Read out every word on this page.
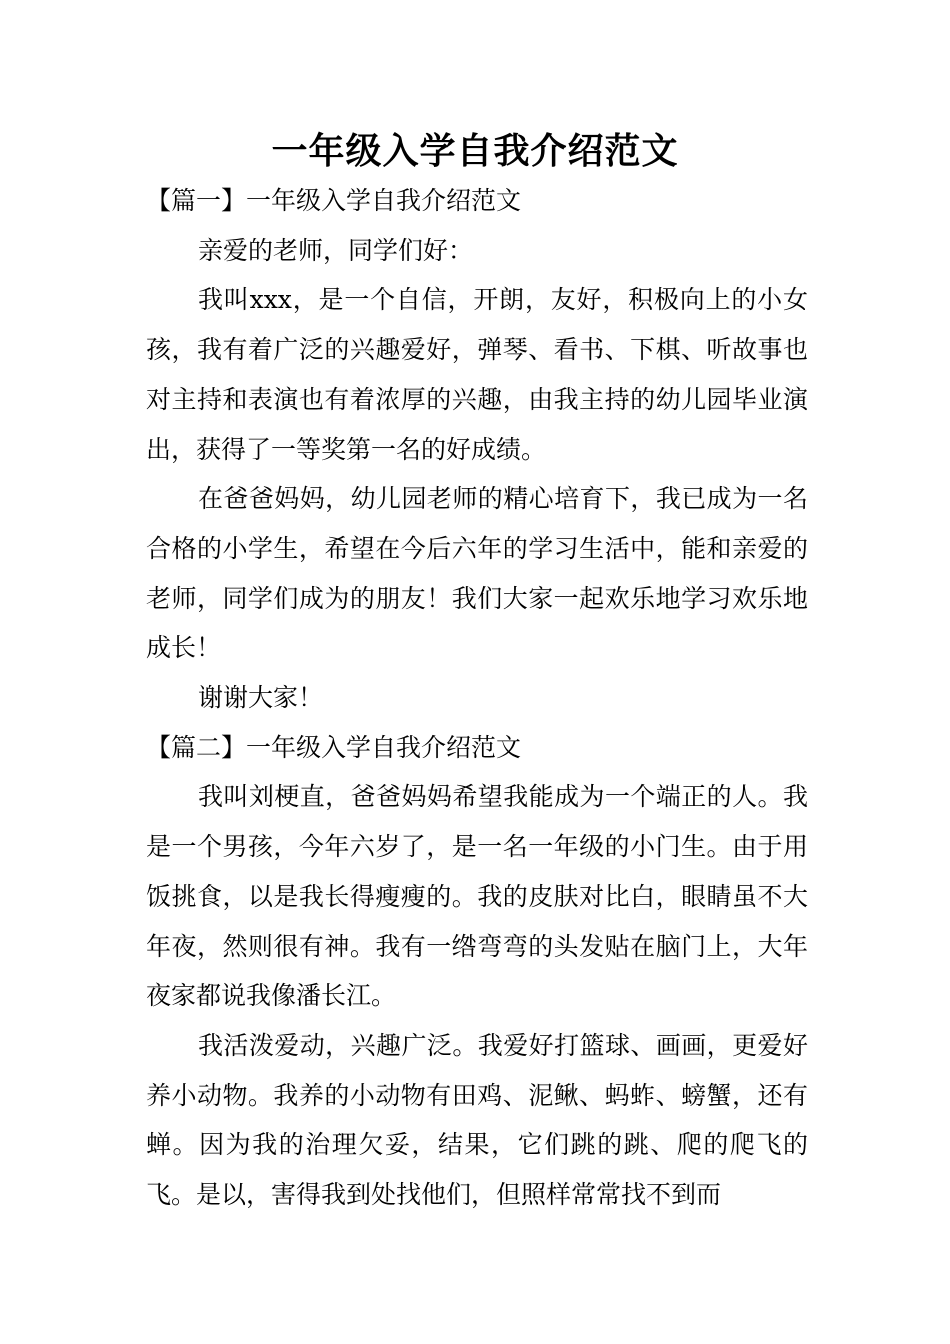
一年级入学自我介绍范文

【篇一】一年级入学自我介绍范文

亲爱的老师，同学们好：

我叫xxx，是一个自信，开朗，友好，积极向上的小女孩，我有着广泛的兴趣爱好，弹琴、看书、下棋、听故事也对主持和表演也有着浓厚的兴趣，由我主持的幼儿园毕业演出，获得了一等奖第一名的好成绩。

在爸爸妈妈，幼儿园老师的精心培育下，我已成为一名合格的小学生，希望在今后六年的学习生活中，能和亲爱的老师，同学们成为的朋友！我们大家一起欢乐地学习欢乐地成长！

谢谢大家！

【篇二】一年级入学自我介绍范文

我叫刘梗直，爸爸妈妈希望我能成为一个端正的人。我是一个男孩，今年六岁了，是一名一年级的小门生。由于用饭挑食，以是我长得瘦瘦的。我的皮肤对比白，眼睛虽不大年夜，然则很有神。我有一绺弯弯的头发贴在脑门上，大年夜家都说我像潘长江。

我活泼爱动，兴趣广泛。我爱好打篮球、画画，更爱好养小动物。我养的小动物有田鸡、泥鳅、蚂蚱、螃蟹，还有蝉。因为我的治理欠妥，结果，它们跳的跳、爬的爬飞的飞。是以，害得我到处找他们，但照样常常找不到而
